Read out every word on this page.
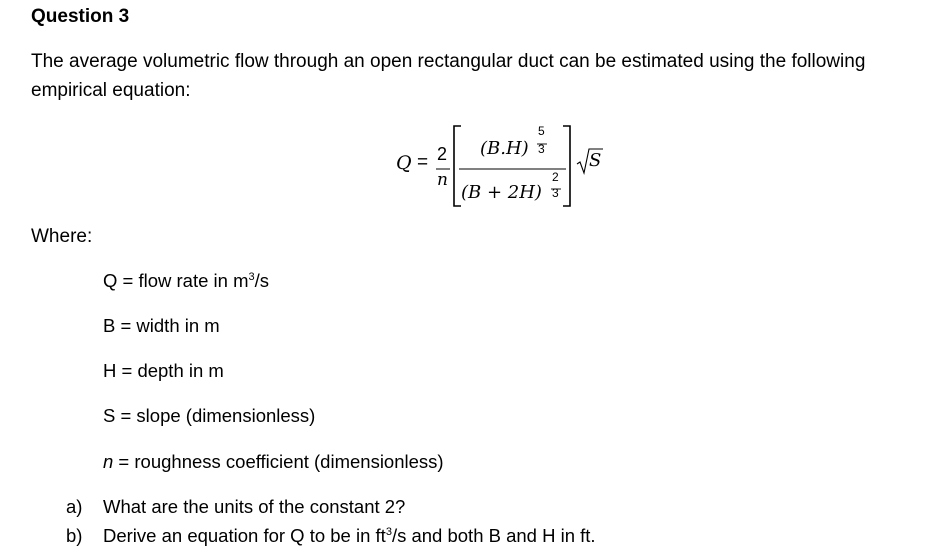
Question 3
The average volumetric flow through an open rectangular duct can be estimated using the following
empirical equation:
Q = 2
n
(B.H)
5
3
(B + 2H)
2
3
S
Where:
Q = flow rate in $m^3/s$
B = width in m
H = depth in m
S = slope (dimensionless)
n = roughness coefficient (dimensionless)
a) What are the units of the constant 2?
b) Derive an equation for Q to be in $ft^3/s$ and both B and H in ft.
